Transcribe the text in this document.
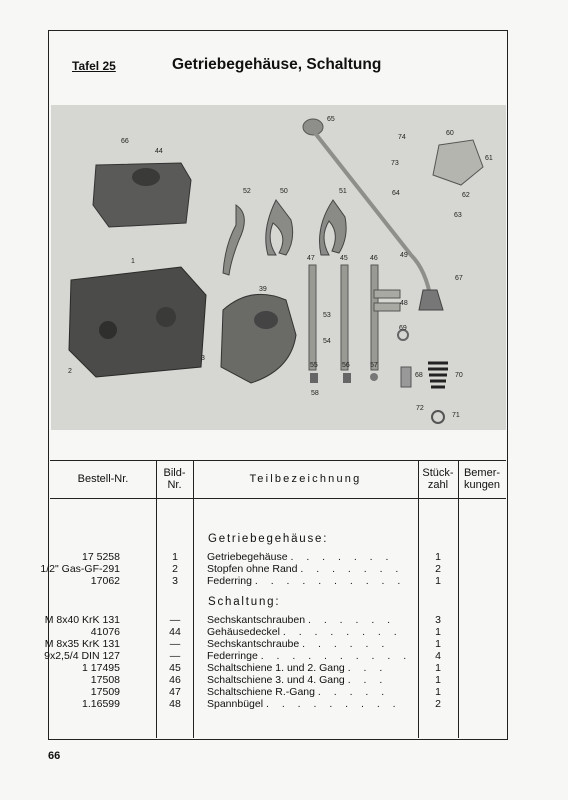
Tafel 25	Getriebegehäuse, Schaltung
66
44
1
2
3
39
52	50	51
47	45	46
53
54
55	56	57
58
65
74
73
64
60
61
62
63
49
48
69
67
68	70
72
71
Bestell-Nr.	Bild-
Nr.	Teilbezeichnung	Stück-
zahl
Bemer-
kungen
Getriebegehäuse:
17 5258	1	Getriebegehäuse . . . . . . .	1
1/2" Gas-GF-291	2	Stopfen ohne Rand . . . . . . .	2
17062	3	Federring . . . . . . . . . .	1
Schaltung:
M 8x40 KrK 131	—	Sechskantschrauben . . . . . .	3
41076	44	Gehäusedeckel . . . . . . . .	1
M 8x35 KrK 131	—	Sechskantschraube . . . . . .	1
9x2,5/4 DIN 127	—	Federringe . . . . . . . . . .	4
1 17495	45	Schaltschiene 1. und 2. Gang . . .	1
17508	46	Schaltschiene 3. und 4. Gang . . .	1
17509	47	Schaltschiene R.-Gang . . . . .	1
1.16599	48	Spannbügel . . . . . . . . .	2
66
